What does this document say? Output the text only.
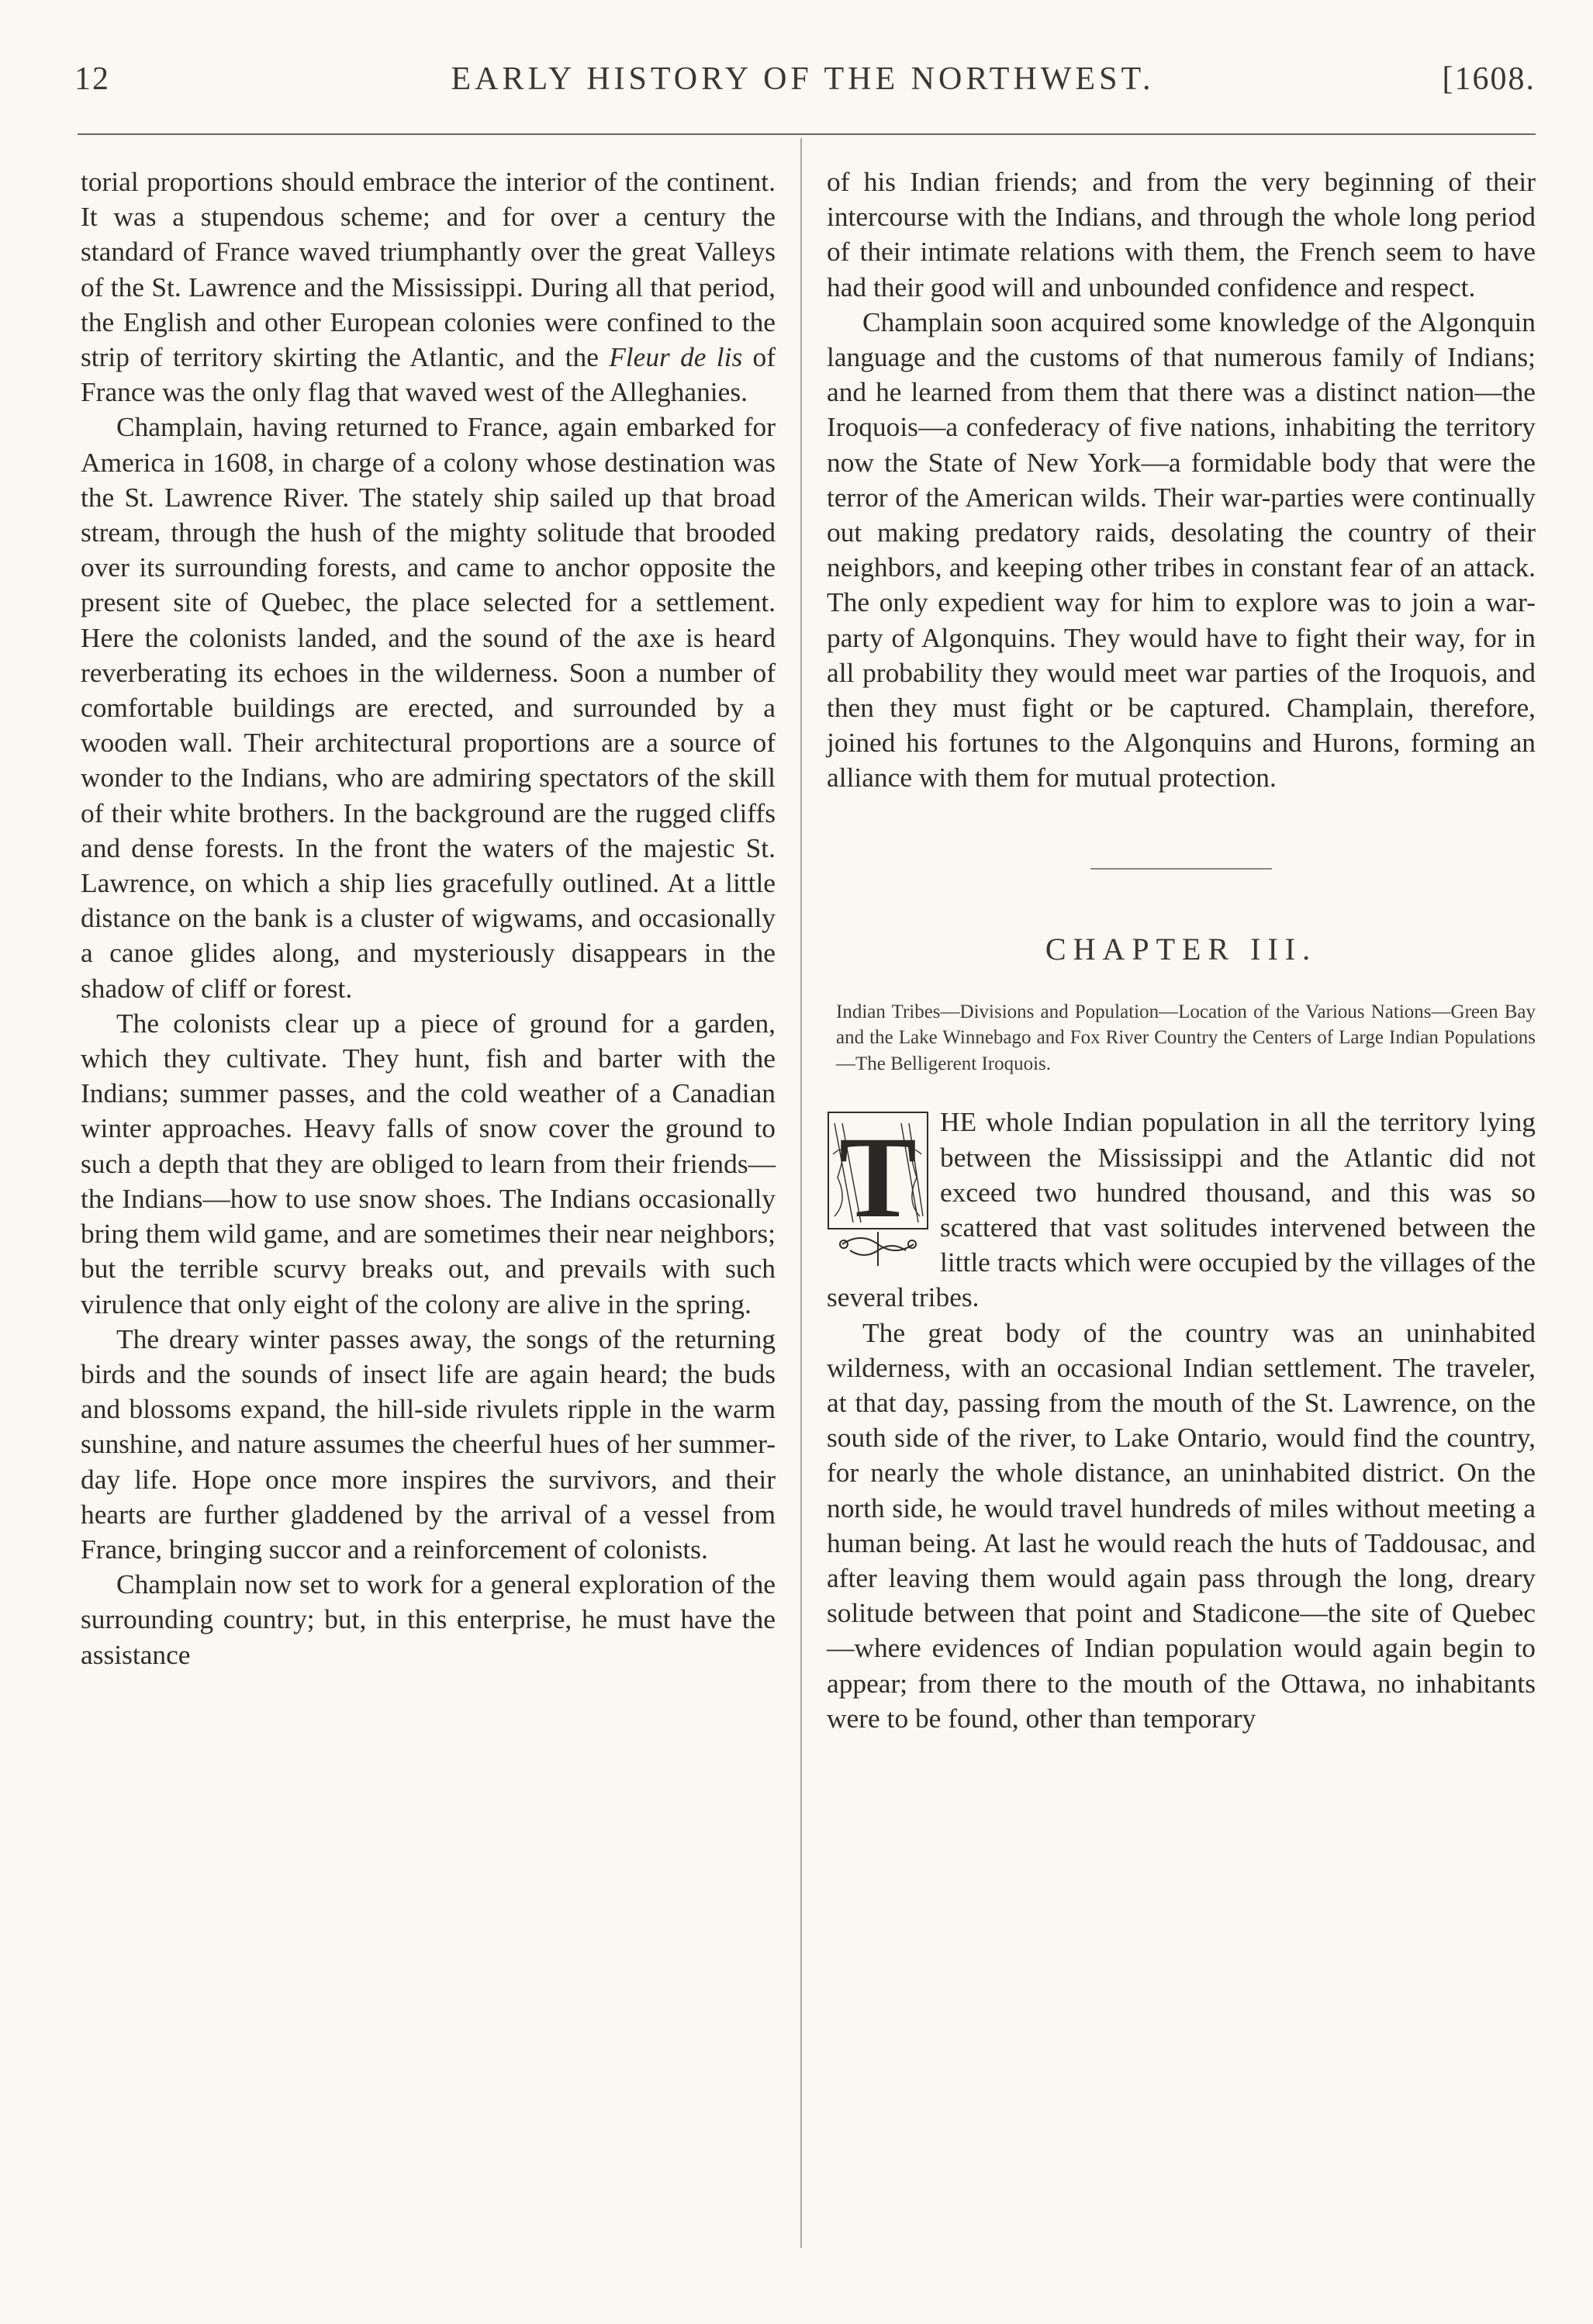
12	EARLY HISTORY OF THE NORTHWEST.	[1608.

torial proportions should embrace the interior of the continent. It was a stupendous scheme; and for over a century the standard of France waved triumphantly over the great Valleys of the St. Lawrence and the Mississippi. During all that period, the English and other European colonies were confined to the strip of territory skirting the Atlantic, and the Fleur de lis of France was the only flag that waved west of the Alleghanies.

Champlain, having returned to France, again embarked for America in 1608, in charge of a colony whose destination was the St. Lawrence River. The stately ship sailed up that broad stream, through the hush of the mighty solitude that brooded over its surrounding forests, and came to anchor opposite the present site of Quebec, the place selected for a settlement. Here the colonists landed, and the sound of the axe is heard reverberating its echoes in the wilderness. Soon a number of comfortable buildings are erected, and surrounded by a wooden wall. Their architectural proportions are a source of wonder to the Indians, who are admiring spectators of the skill of their white brothers. In the background are the rugged cliffs and dense forests. In the front the waters of the majestic St. Lawrence, on which a ship lies gracefully outlined. At a little distance on the bank is a cluster of wigwams, and occasionally a canoe glides along, and mysteriously disappears in the shadow of cliff or forest.

The colonists clear up a piece of ground for a garden, which they cultivate. They hunt, fish and barter with the Indians; summer passes, and the cold weather of a Canadian winter approaches. Heavy falls of snow cover the ground to such a depth that they are obliged to learn from their friends—the Indians—how to use snow shoes. The Indians occasionally bring them wild game, and are sometimes their near neighbors; but the terrible scurvy breaks out, and prevails with such virulence that only eight of the colony are alive in the spring.

The dreary winter passes away, the songs of the returning birds and the sounds of insect life are again heard; the buds and blossoms expand, the hill-side rivulets ripple in the warm sunshine, and nature assumes the cheerful hues of her summer-day life. Hope once more inspires the survivors, and their hearts are further gladdened by the arrival of a vessel from France, bringing succor and a reinforcement of colonists.

Champlain now set to work for a general exploration of the surrounding country; but, in this enterprise, he must have the assistance

of his Indian friends; and from the very beginning of their intercourse with the Indians, and through the whole long period of their intimate relations with them, the French seem to have had their good will and unbounded confidence and respect.

Champlain soon acquired some knowledge of the Algonquin language and the customs of that numerous family of Indians; and he learned from them that there was a distinct nation—the Iroquois—a confederacy of five nations, inhabiting the territory now the State of New York—a formidable body that were the terror of the American wilds. Their war-parties were continually out making predatory raids, desolating the country of their neighbors, and keeping other tribes in constant fear of an attack. The only expedient way for him to explore was to join a war-party of Algonquins. They would have to fight their way, for in all probability they would meet war parties of the Iroquois, and then they must fight or be captured. Champlain, therefore, joined his fortunes to the Algonquins and Hurons, forming an alliance with them for mutual protection.

CHAPTER III.
Indian Tribes—Divisions and Population—Location of the Various Nations—Green Bay and the Lake Winnebago and Fox River Country the Centers of Large Indian Populations—The Belligerent Iroquois.

T HE whole Indian population in all the territory lying between the Mississippi and the Atlantic did not exceed two hundred thousand, and this was so scattered that vast solitudes intervened between the little tracts which were occupied by the villages of the several tribes.

The great body of the country was an uninhabited wilderness, with an occasional Indian settlement. The traveler, at that day, passing from the mouth of the St. Lawrence, on the south side of the river, to Lake Ontario, would find the country, for nearly the whole distance, an uninhabited district. On the north side, he would travel hundreds of miles without meeting a human being. At last he would reach the huts of Taddousac, and after leaving them would again pass through the long, dreary solitude between that point and Stadicone—the site of Quebec—where evidences of Indian population would again begin to appear; from there to the mouth of the Ottawa, no inhabitants were to be found, other than temporary
